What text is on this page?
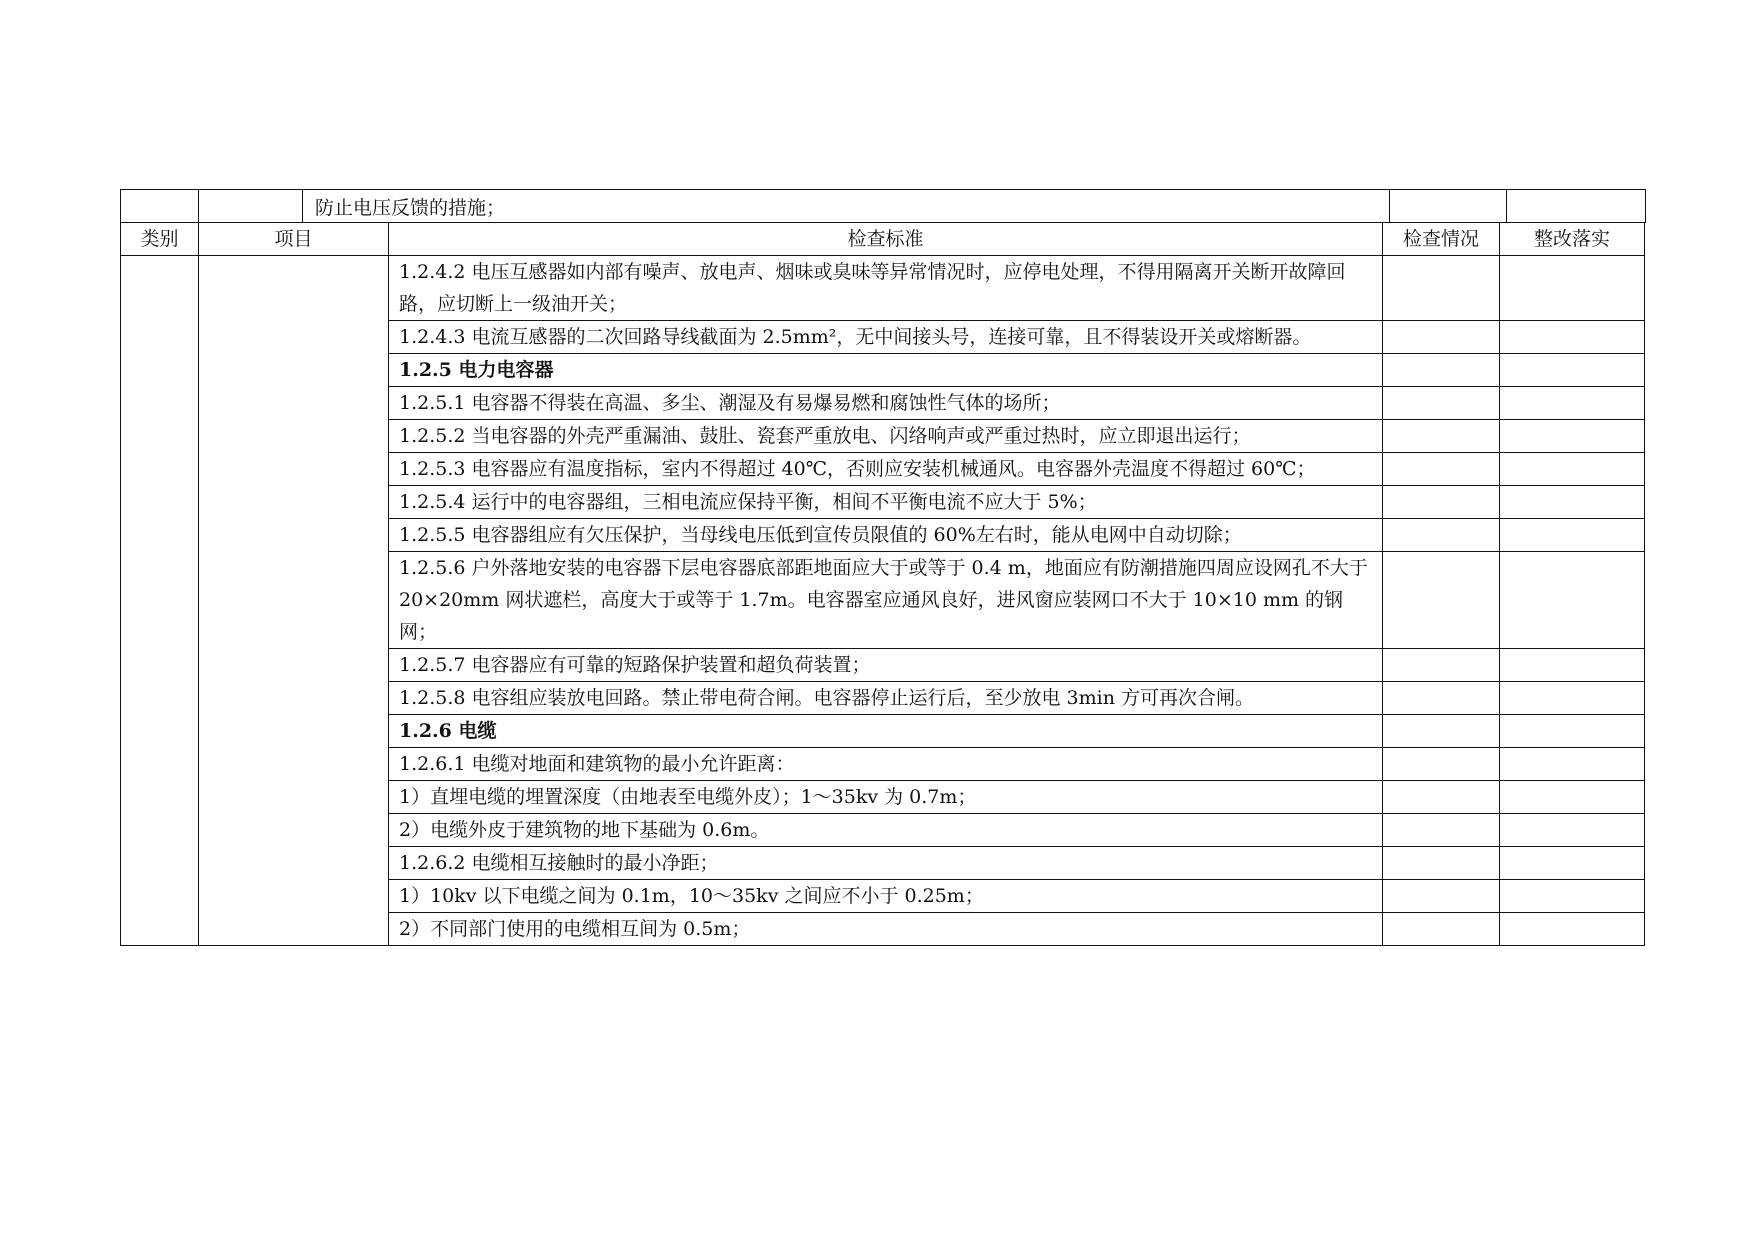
		防止电压反馈的措施；		
类别	项目	检查标准	检查情况	整改落实
		1.2.4.2 电压互感器如内部有噪声、放电声、烟味或臭味等异常情况时，应停电处理，不得用隔离开关断开故障回路，应切断上一级油开关；		
		1.2.4.3 电流互感器的二次回路导线截面为 2.5mm²，无中间接头号，连接可靠，且不得装设开关或熔断器。		
		1.2.5 电力电容器		
		1.2.5.1 电容器不得装在高温、多尘、潮湿及有易爆易燃和腐蚀性气体的场所；		
		1.2.5.2 当电容器的外壳严重漏油、鼓肚、瓷套严重放电、闪络响声或严重过热时，应立即退出运行；		
		1.2.5.3 电容器应有温度指标，室内不得超过 40℃，否则应安装机械通风。电容器外壳温度不得超过 60℃；		
		1.2.5.4 运行中的电容器组，三相电流应保持平衡，相间不平衡电流不应大于 5%；		
		1.2.5.5 电容器组应有欠压保护，当母线电压低到宣传员限值的 60%左右时，能从电网中自动切除；		
		1.2.5.6 户外落地安装的电容器下层电容器底部距地面应大于或等于 0.4 m，地面应有防潮措施四周应设网孔不大于 20×20mm 网状遮栏，高度大于或等于 1.7m。电容器室应通风良好，进风窗应装网口不大于 10×10 mm 的钢网；		
		1.2.5.7 电容器应有可靠的短路保护装置和超负荷装置；		
		1.2.5.8 电容组应装放电回路。禁止带电荷合闸。电容器停止运行后，至少放电 3min 方可再次合闸。		
		1.2.6 电缆		
		1.2.6.1 电缆对地面和建筑物的最小允许距离：		
		1）直埋电缆的埋置深度（由地表至电缆外皮）；1～35kv 为 0.7m；		
		2）电缆外皮于建筑物的地下基础为 0.6m。		
		1.2.6.2 电缆相互接触时的最小净距；		
		1）10kv 以下电缆之间为 0.1m，10～35kv 之间应不小于 0.25m；		
		2）不同部门使用的电缆相互间为 0.5m；		
